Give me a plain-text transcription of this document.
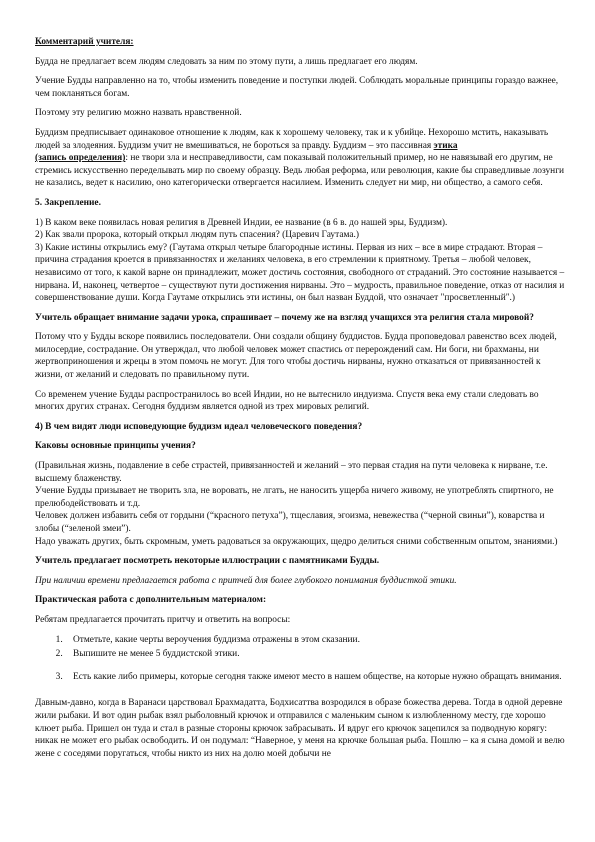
Комментарий учителя:

Будда не предлагает всем людям следовать за ним по этому пути, а лишь предлагает его людям.

Учение Будды направленно на то, чтобы изменить поведение и поступки людей. Соблюдать моральные принципы гораздо важнее, чем покланяться богам.

Поэтому эту религию можно назвать нравственной.

Буддизм предписывает одинаковое отношение к людям, как к хорошему человеку, так и к убийце. Нехорошо мстить, наказывать людей за злодеяния. Буддизм учит не вмешиваться, не бороться за правду. Буддизм – это пассивная этика
(запись определения): не твори зла и несправедливости, сам показывай положительный пример, но не навязывай его другим, не стремись искусственно переделывать мир по своему образцу. Ведь любая реформа, или революция, какие бы справедливые лозунги не казались, ведет к насилию, оно категорически отвергается насилием. Изменить следует ни мир, ни общество, а самого себя.

5. Закрепление.

1) В каком веке появилась новая религия в Древней Индии, ее название (в 6 в. до нашей эры, Буддизм).
2) Как звали пророка, который открыл людям путь спасения? (Царевич Гаутама.)
3) Какие истины открылись ему? (Гаутама открыл четыре благородные истины. Первая из них – все в мире страдают. Вторая – причина страдания кроется в привязанностях и желаниях человека, в его стремлении к приятному. Третья – любой человек, независимо от того, к какой варне он принадлежит, может достичь состояния, свободного от страданий. Это состояние называется – нирвана. И, наконец, четвертое – существуют пути достижения нирваны. Это – мудрость, правильное поведение, отказ от насилия и совершенствование души. Когда Гаутаме открылись эти истины, он был назван Буддой, что означает "просветленный".)

Учитель обращает внимание задачи урока, спрашивает – почему же на взгляд учащихся эта религия стала мировой?

Потому что у Будды вскоре появились последователи. Они создали общину буддистов. Будда проповедовал равенство всех людей, милосердие, сострадание. Он утверждал, что любой человек может спастись от перерождений сам. Ни боги, ни брахманы, ни жертвоприношения и жрецы в этом помочь не могут. Для того чтобы достичь нирваны, нужно отказаться от привязанностей к жизни, от желаний и следовать по правильному пути.

Со временем учение Будды распространилось во всей Индии, но не вытеснило индуизма. Спустя века ему стали следовать во многих других странах. Сегодня буддизм является одной из трех мировых религий.

4) В чем видят люди исповедующие буддизм идеал человеческого поведения?

Каковы основные принципы учения?

(Правильная жизнь, подавление в себе страстей, привязанностей и желаний – это первая стадия на пути человека к нирване, т.е. высшему блаженству.
Учение Будды призывает не творить зла, не воровать, не лгать, не наносить ущерба ничего живому, не употреблять спиртного, не прелюбодействовать и т.д.
Человек должен избавить себя от гордыни (“красного петуха”), тщеславия, эгоизма, невежества (“черной свиньи”), коварства и злобы (“зеленой змеи”).
Надо уважать других, быть скромным, уметь радоваться за окружающих, щедро делиться сними собственным опытом, знаниями.)

Учитель предлагает посмотреть некоторые иллюстрации с памятниками Будды.

При наличии времени предлагается работа с притчей для более глубокого понимания буддисткой этики.

Практическая работа с дополнительным материалом:

Ребятам предлагается прочитать притчу и ответить на вопросы:

1. Отметьте, какие черты вероучения буддизма отражены в этом сказании.
2. Выпишите не менее 5 буддистской этики.
3. Есть какие либо примеры, которые сегодня также имеют место в нашем обществе, на которые нужно обращать внимания.

Давным-давно, когда в Варанаси царствовал Брахмадатта, Бодхисаттва возродился в образе божества дерева. Тогда в одной деревне жили рыбаки. И вот один рыбак взял рыболовный крючок и отправился с маленьким сыном к излюбленному месту, где хорошо клюет рыба. Пришел он туда и стал в разные стороны крючок забрасывать. И вдруг его крючок зацепился за подводную корягу: никак не может его рыбак освободить. И он подумал: “Наверное, у меня на крючке большая рыба. Пошлю – ка я сына домой и велю жене с соседями поругаться, чтобы никто из них на долю моей добычи не
